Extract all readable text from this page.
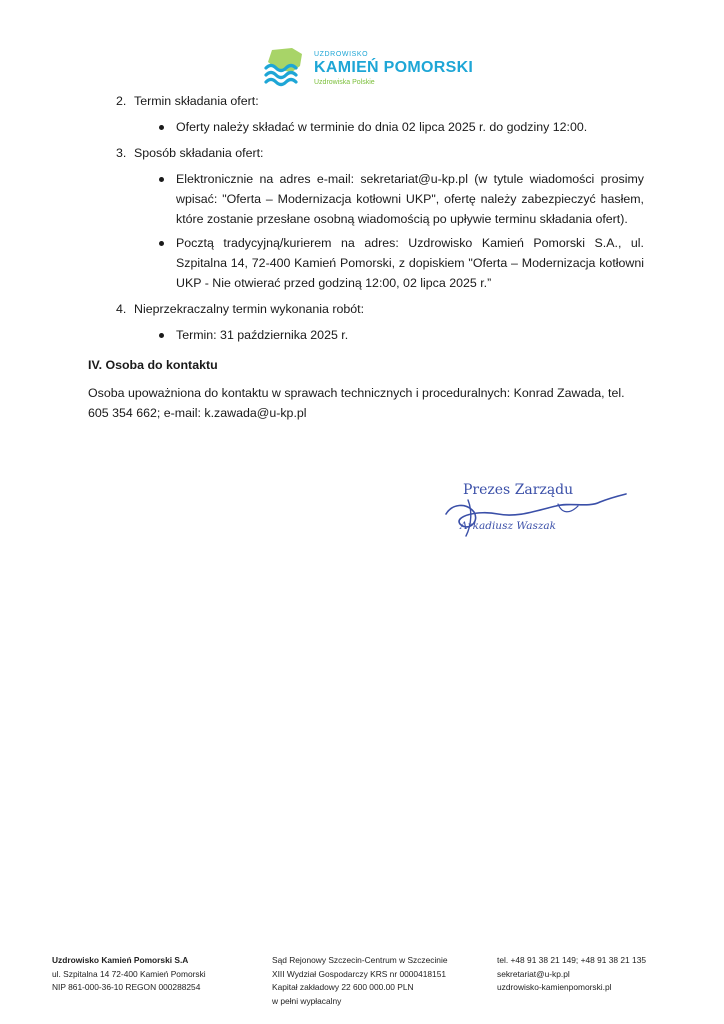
UZDROWISKO
KAMIEŃ POMORSKI
Uzdrowiska Polskie
2. Termin składania ofert:
Oferty należy składać w terminie do dnia 02 lipca 2025 r. do godziny 12:00.
3. Sposób składania ofert:
Elektronicznie na adres e-mail: sekretariat@u-kp.pl (w tytule wiadomości prosimy wpisać: "Oferta – Modernizacja kotłowni UKP", ofertę należy zabezpieczyć hasłem, które zostanie przesłane osobną wiadomością po upływie terminu składania ofert).
Pocztą tradycyjną/kurierem na adres: Uzdrowisko Kamień Pomorski S.A., ul. Szpitalna 14, 72-400 Kamień Pomorski, z dopiskiem "Oferta – Modernizacja kotłowni UKP - Nie otwierać przed godziną 12:00, 02 lipca 2025 r.”
4. Nieprzekraczalny termin wykonania robót:
Termin: 31 października 2025 r.
IV. Osoba do kontaktu
Osoba upoważniona do kontaktu w sprawach technicznych i proceduralnych: Konrad Zawada, tel. 605 354 662; e-mail: k.zawada@u-kp.pl
Prezes Zarządu
Arkadiusz Waszak
Uzdrowisko Kamień Pomorski S.A
ul. Szpitalna 14 72-400 Kamień Pomorski
NIP 861-000-36-10 REGON 000288254
Sąd Rejonowy Szczecin-Centrum w Szczecinie
XIII Wydział Gospodarczy KRS nr 0000418151
Kapitał zakładowy 22 600 000.00 PLN
w pełni wypłacalny
tel. +48 91 38 21 149; +48 91 38 21 135
sekretariat@u-kp.pl
uzdrowisko-kamienpomorski.pl
